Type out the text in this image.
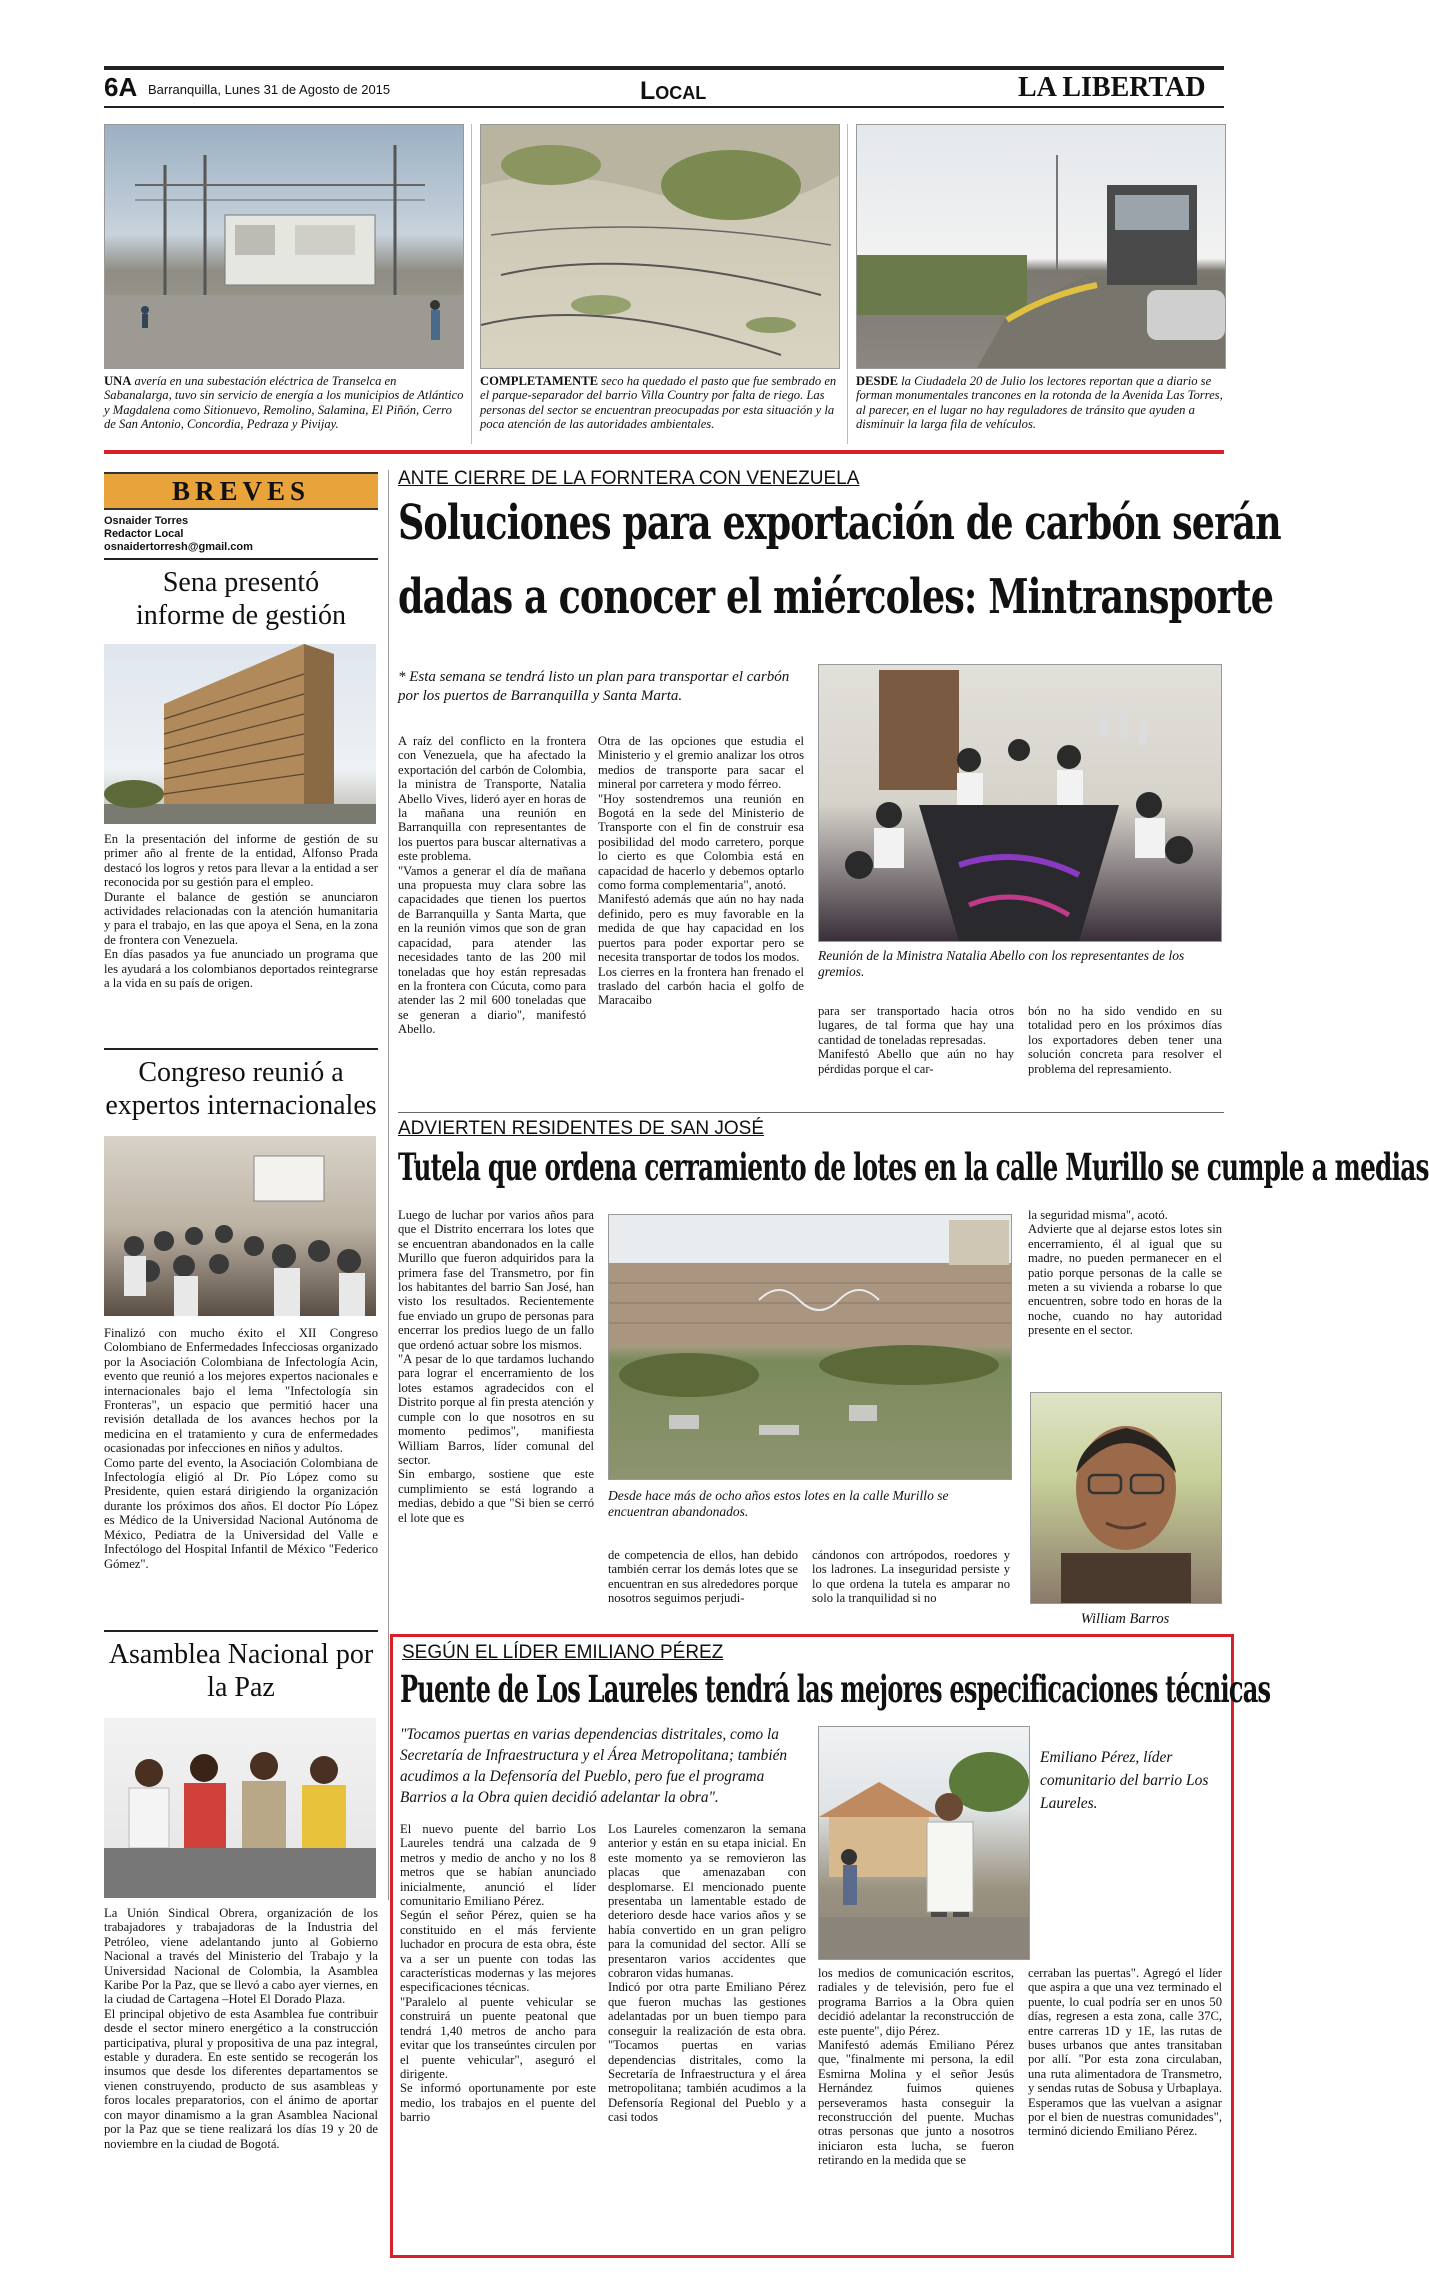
6A Barranquilla, Lunes 31 de Agosto de 2015	Local	LA LIBERTAD
UNA avería en una subestación eléctrica de Transelca en Sabanalarga, tuvo sin servicio de energía a los municipios de Atlántico y Magdalena como Sitionuevo, Remolino, Salamina, El Piñón, Cerro de San Antonio, Concordia, Pedraza y Pivijay.
COMPLETAMENTE seco ha quedado el pasto que fue sembrado en el parque-separador del barrio Villa Country por falta de riego. Las personas del sector se encuentran preocupadas por esta situación y la poca atención de las autoridades ambientales.
DESDE la Ciudadela 20 de Julio los lectores reportan que a diario se forman monumentales trancones en la rotonda de la Avenida Las Torres, al parecer, en el lugar no hay reguladores de tránsito que ayuden a disminuir la larga fila de vehículos.
BREVES
Osnaider Torres
Redactor Local
osnaidertorresh@gmail.com
Sena presentó informe de gestión
En la presentación del informe de gestión de su primer año al frente de la entidad, Alfonso Prada destacó los logros y retos para llevar a la entidad a ser reconocida por su gestión para el empleo.
Durante el balance de gestión se anunciaron actividades relacionadas con la atención humanitaria y para el trabajo, en las que apoya el Sena, en la zona de frontera con Venezuela.
En días pasados ya fue anunciado un programa que les ayudará a los colombianos deportados reintegrarse a la vida en su país de origen.
Congreso reunió a expertos internacionales
Finalizó con mucho éxito el XII Congreso Colombiano de Enfermedades Infecciosas organizado por la Asociación Colombiana de Infectología Acin, evento que reunió a los mejores expertos nacionales e internacionales bajo el lema "Infectología sin Fronteras", un espacio que permitió hacer una revisión detallada de los avances hechos por la medicina en el tratamiento y cura de enfermedades ocasionadas por infecciones en niños y adultos.
Como parte del evento, la Asociación Colombiana de Infectología eligió al Dr. Pío López como su Presidente, quien estará dirigiendo la organización durante los próximos dos años. El doctor Pío López es Médico de la Universidad Nacional Autónoma de México, Pediatra de la Universidad del Valle e Infectólogo del Hospital Infantil de México "Federico Gómez".
Asamblea Nacional por la Paz
La Unión Sindical Obrera, organización de los trabajadores y trabajadoras de la Industria del Petróleo, viene adelantando junto al Gobierno Nacional a través del Ministerio del Trabajo y la Universidad Nacional de Colombia, la Asamblea Karibe Por la Paz, que se llevó a cabo ayer viernes, en la ciudad de Cartagena –Hotel El Dorado Plaza.
El principal objetivo de esta Asamblea fue contribuir desde el sector minero energético a la construcción participativa, plural y propositiva de una paz integral, estable y duradera. En este sentido se recogerán los insumos que desde los diferentes departamentos se vienen construyendo, producto de sus asambleas y foros locales preparatorios, con el ánimo de aportar con mayor dinamismo a la gran Asamblea Nacional por la Paz que se tiene realizará los días 19 y 20 de noviembre en la ciudad de Bogotá.
ANTE CIERRE DE LA FORNTERA CON VENEZUELA
Soluciones para exportación de carbón serán
dadas a conocer el miércoles: Mintransporte
* Esta semana se tendrá listo un plan para transportar el carbón por los puertos de Barranquilla y Santa Marta.
A raíz del conflicto en la frontera con Venezuela, que ha afectado la exportación del carbón de Colombia, la ministra de Transporte, Natalia Abello Vives, lideró ayer en horas de la mañana una reunión en Barranquilla con representantes de los puertos para buscar alternativas a este problema.
"Vamos a generar el día de mañana una propuesta muy clara sobre las capacidades que tienen los puertos de Barranquilla y Santa Marta, que en la reunión vimos que son de gran capacidad, para atender las necesidades tanto de las 200 mil toneladas que hoy están represadas en la frontera con Cúcuta, como para atender las 2 mil 600 toneladas que se generan a diario", manifestó Abello.
Otra de las opciones que estudia el Ministerio y el gremio analizar los otros medios de transporte para sacar el mineral por carretera y modo férreo.
"Hoy sostendremos una reunión en Bogotá en la sede del Ministerio de Transporte con el fin de construir esa posibilidad del modo carretero, porque lo cierto es que Colombia está en capacidad de hacerlo y debemos optarlo como forma complementaria", anotó.
Manifestó además que aún no hay nada definido, pero es muy favorable en la medida de que hay capacidad en los puertos para poder exportar pero se necesita transportar de todos los modos.
Los cierres en la frontera han frenado el traslado del carbón hacia el golfo de Maracaibo
Reunión de la Ministra Natalia Abello con los representantes de los gremios.
para ser transportado hacia otros lugares, de tal forma que hay una cantidad de toneladas represadas.
Manifestó Abello que aún no hay pérdidas porque el car-
bón no ha sido vendido en su totalidad pero en los próximos días los exportadores deben tener una solución concreta para resolver el problema del represamiento.
ADVIERTEN RESIDENTES DE SAN JOSÉ
Tutela que ordena cerramiento de lotes en la calle Murillo se cumple a medias
Luego de luchar por varios años para que el Distrito encerrara los lotes que se encuentran abandonados en la calle Murillo que fueron adquiridos para la primera fase del Transmetro, por fin los habitantes del barrio San José, han visto los resultados. Recientemente fue enviado un grupo de personas para encerrar los predios luego de un fallo que ordenó actuar sobre los mismos.
"A pesar de lo que tardamos luchando para lograr el encerramiento de los lotes estamos agradecidos con el Distrito porque al fin presta atención y cumple con lo que nosotros en su momento pedimos", manifiesta William Barros, líder comunal del sector.
Sin embargo, sostiene que este cumplimiento se está logrando a medias, debido a que "Si bien se cerró el lote que es
Desde hace más de ocho años estos lotes en la calle Murillo se encuentran abandonados.
de competencia de ellos, han debido también cerrar los demás lotes que se encuentran en sus alrededores porque nosotros seguimos perjudi-
cándonos con artrópodos, roedores y los ladrones. La inseguridad persiste y lo que ordena la tutela es amparar no solo la tranquilidad si no
la seguridad misma", acotó.
Advierte que al dejarse estos lotes sin encerramiento, él al igual que su madre, no pueden permanecer en el patio porque personas de la calle se meten a su vivienda a robarse lo que encuentren, sobre todo en horas de la noche, cuando no hay autoridad presente en el sector.
William Barros
SEGÚN EL LÍDER EMILIANO PÉREZ
Puente de Los Laureles tendrá las mejores especificaciones técnicas
"Tocamos puertas en varias dependencias distritales, como la Secretaría de Infraestructura y el Área Metropolitana; también acudimos a la Defensoría del Pueblo, pero fue el programa Barrios a la Obra quien decidió adelantar la obra".
Emiliano Pérez, líder comunitario del barrio Los Laureles.
El nuevo puente del barrio Los Laureles tendrá una calzada de 9 metros y medio de ancho y no los 8 metros que se habían anunciado inicialmente, anunció el líder comunitario Emiliano Pérez.
Según el señor Pérez, quien se ha constituido en el más ferviente luchador en procura de esta obra, éste va a ser un puente con todas las características modernas y las mejores especificaciones técnicas.
"Paralelo al puente vehicular se construirá un puente peatonal que tendrá 1,40 metros de ancho para evitar que los transeúntes circulen por el puente vehicular", aseguró el dirigente.
Se informó oportunamente por este medio, los trabajos en el puente del barrio
Los Laureles comenzaron la semana anterior y están en su etapa inicial. En este momento ya se removieron las placas que amenazaban con desplomarse. El mencionado puente presentaba un lamentable estado de deterioro desde hace varios años y se había convertido en un gran peligro para la comunidad del sector. Allí se presentaron varios accidentes que cobraron vidas humanas.
Indicó por otra parte Emiliano Pérez que fueron muchas las gestiones adelantadas por un buen tiempo para conseguir la realización de esta obra. "Tocamos puertas en varias dependencias distritales, como la Secretaría de Infraestructura y el área metropolitana; también acudimos a la Defensoría Regional del Pueblo y a casi todos
los medios de comunicación escritos, radiales y de televisión, pero fue el programa Barrios a la Obra quien decidió adelantar la reconstrucción de este puente", dijo Pérez.
Manifestó además Emiliano Pérez que, "finalmente mi persona, la edil Esmirna Molina y el señor Jesús Hernández fuimos quienes perseveramos hasta conseguir la reconstrucción del puente. Muchas otras personas que junto a nosotros iniciaron esta lucha, se fueron retirando en la medida que se
cerraban las puertas". Agregó el líder que aspira a que una vez terminado el puente, lo cual podría ser en unos 50 días, regresen a esta zona, calle 37C, entre carreras 1D y 1E, las rutas de buses urbanos que antes transitaban por allí. "Por esta zona circulaban, una ruta alimentadora de Transmetro, y sendas rutas de Sobusa y Urbaplaya. Esperamos que las vuelvan a asignar por el bien de nuestras comunidades", terminó diciendo Emiliano Pérez.
